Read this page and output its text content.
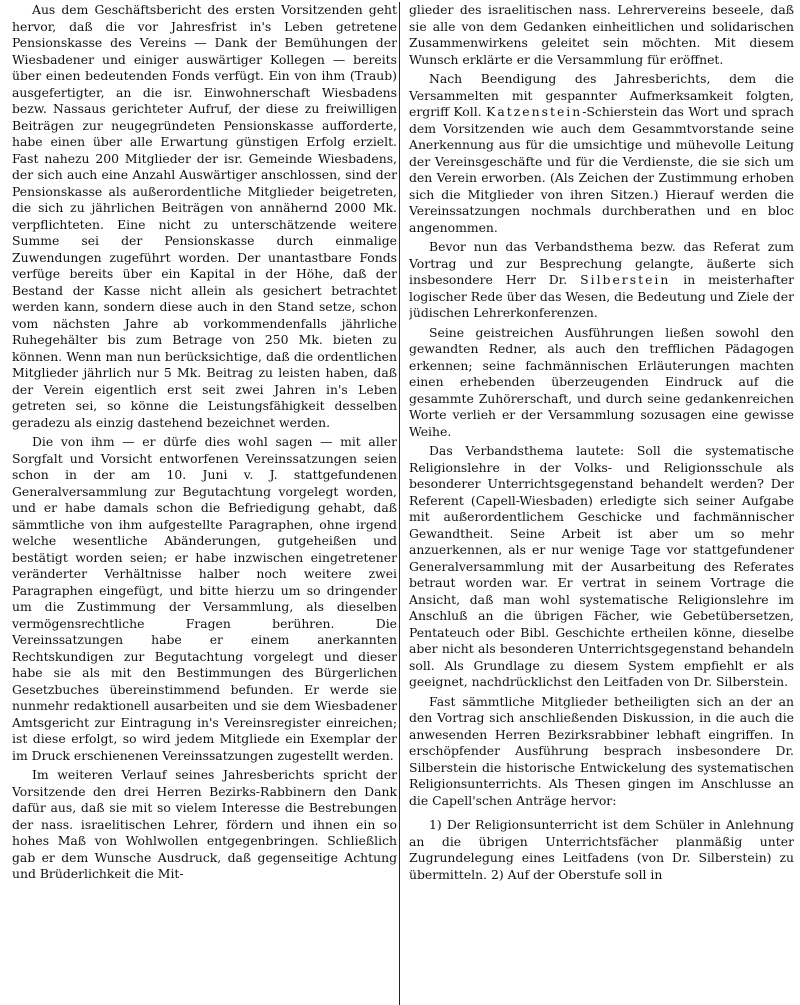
Aus dem Geschäftsbericht des ersten Vorsitzenden geht hervor, daß die vor Jahresfrist in's Leben getretene Pensionskasse des Vereins — Dank der Bemühungen der Wiesbadener und einiger auswärtiger Kollegen — bereits über einen bedeutenden Fonds verfügt. Ein von ihm (Traub) ausgefertigter, an die isr. Einwohnerschaft Wiesbadens bezw. Nassaus gerichteter Aufruf, der diese zu freiwilligen Beiträgen zur neugegründeten Pensionskasse aufforderte, habe einen über alle Erwartung günstigen Erfolg erzielt. Fast nahezu 200 Mitglieder der isr. Gemeinde Wiesbadens, der sich auch eine Anzahl Auswärtiger anschlossen, sind der Pensionskasse als außerordentliche Mitglieder beigetreten, die sich zu jährlichen Beiträgen von annähernd 2000 Mk. verpflichteten. Eine nicht zu unterschätzende weitere Summe sei der Pensionskasse durch einmalige Zuwendungen zugeführt worden. Der unantastbare Fonds verfüge bereits über ein Kapital in der Höhe, daß der Bestand der Kasse nicht allein als gesichert betrachtet werden kann, sondern diese auch in den Stand setze, schon vom nächsten Jahre ab vorkommendenfalls jährliche Ruhegehälter bis zum Betrage von 250 Mk. bieten zu können. Wenn man nun berücksichtige, daß die ordentlichen Mitglieder jährlich nur 5 Mk. Beitrag zu leisten haben, daß der Verein eigentlich erst seit zwei Jahren in's Leben getreten sei, so könne die Leistungsfähigkeit desselben geradezu als einzig dastehend bezeichnet werden.

Die von ihm — er dürfe dies wohl sagen — mit aller Sorgfalt und Vorsicht entworfenen Vereinssatzungen seien schon in der am 10. Juni v. J. stattgefundenen Generalversammlung zur Begutachtung vorgelegt worden, und er habe damals schon die Befriedigung gehabt, daß sämmtliche von ihm aufgestellte Paragraphen, ohne irgend welche wesentliche Abänderungen, gutgeheißen und bestätigt worden seien; er habe inzwischen eingetretener veränderter Verhältnisse halber noch weitere zwei Paragraphen eingefügt, und bitte hierzu um so dringender um die Zustimmung der Versammlung, als dieselben vermögensrechtliche Fragen berühren. Die Vereinssatzungen habe er einem anerkannten Rechtskundigen zur Begutachtung vorgelegt und dieser habe sie als mit den Bestimmungen des Bürgerlichen Gesetzbuches übereinstimmend befunden. Er werde sie nunmehr redaktionell ausarbeiten und sie dem Wiesbadener Amtsgericht zur Eintragung in's Vereinsregister einreichen; ist diese erfolgt, so wird jedem Mitgliede ein Exemplar der im Druck erschienenen Vereinssatzungen zugestellt werden.

Im weiteren Verlauf seines Jahresberichts spricht der Vorsitzende den drei Herren Bezirks-Rabbinern den Dank dafür aus, daß sie mit so vielem Interesse die Bestrebungen der nass. israelitischen Lehrer, fördern und ihnen ein so hohes Maß von Wohlwollen entgegenbringen. Schließlich gab er dem Wunsche Ausdruck, daß gegenseitige Achtung und Brüderlichkeit die Mit-

glieder des israelitischen nass. Lehrervereins beseele, daß sie alle von dem Gedanken einheitlichen und solidarischen Zusammenwirkens geleitet sein möchten. Mit diesem Wunsch erklärte er die Versammlung für eröffnet.

Nach Beendigung des Jahresberichts, dem die Versammelten mit gespannter Aufmerksamkeit folgten, ergriff Koll. Katzenstein-Schierstein das Wort und sprach dem Vorsitzenden wie auch dem Gesammtvorstande seine Anerkennung aus für die umsichtige und mühevolle Leitung der Vereinsgeschäfte und für die Verdienste, die sie sich um den Verein erworben. (Als Zeichen der Zustimmung erhoben sich die Mitglieder von ihren Sitzen.) Hierauf werden die Vereinssatzungen nochmals durchberathen und en bloc angenommen.

Bevor nun das Verbandsthema bezw. das Referat zum Vortrag und zur Besprechung gelangte, äußerte sich insbesondere Herr Dr. Silberstein in meisterhafter logischer Rede über das Wesen, die Bedeutung und Ziele der jüdischen Lehrerkonferenzen.

Seine geistreichen Ausführungen ließen sowohl den gewandten Redner, als auch den trefflichen Pädagogen erkennen; seine fachmännischen Erläuterungen machten einen erhebenden überzeugenden Eindruck auf die gesammte Zuhörerschaft, und durch seine gedankenreichen Worte verlieh er der Versammlung sozusagen eine gewisse Weihe.

Das Verbandsthema lautete: Soll die systematische Religionslehre in der Volks- und Religionsschule als besonderer Unterrichtsgegenstand behandelt werden? Der Referent (Capell-Wiesbaden) erledigte sich seiner Aufgabe mit außerordentlichem Geschicke und fachmännischer Gewandtheit. Seine Arbeit ist aber um so mehr anzuerkennen, als er nur wenige Tage vor stattgefundener Generalversammlung mit der Ausarbeitung des Referates betraut worden war. Er vertrat in seinem Vortrage die Ansicht, daß man wohl systematische Religionslehre im Anschluß an die übrigen Fächer, wie Gebetübersetzen, Pentateuch oder Bibl. Geschichte ertheilen könne, dieselbe aber nicht als besonderen Unterrichtsgegenstand behandeln soll. Als Grundlage zu diesem System empfiehlt er als geeignet, nachdrücklichst den Leitfaden von Dr. Silberstein.

Fast sämmtliche Mitglieder betheiligten sich an der an den Vortrag sich anschließenden Diskussion, in die auch die anwesenden Herren Bezirksrabbiner lebhaft eingriffen. In erschöpfender Ausführung besprach insbesondere Dr. Silberstein die historische Entwickelung des systematischen Religionsunterrichts. Als Thesen gingen im Anschlusse an die Capell'schen Anträge hervor:

1) Der Religionsunterricht ist dem Schüler in Anlehnung an die übrigen Unterrichtsfächer planmäßig unter Zugrundelegung eines Leitfadens (von Dr. Silberstein) zu übermitteln. 2) Auf der Oberstufe soll in
